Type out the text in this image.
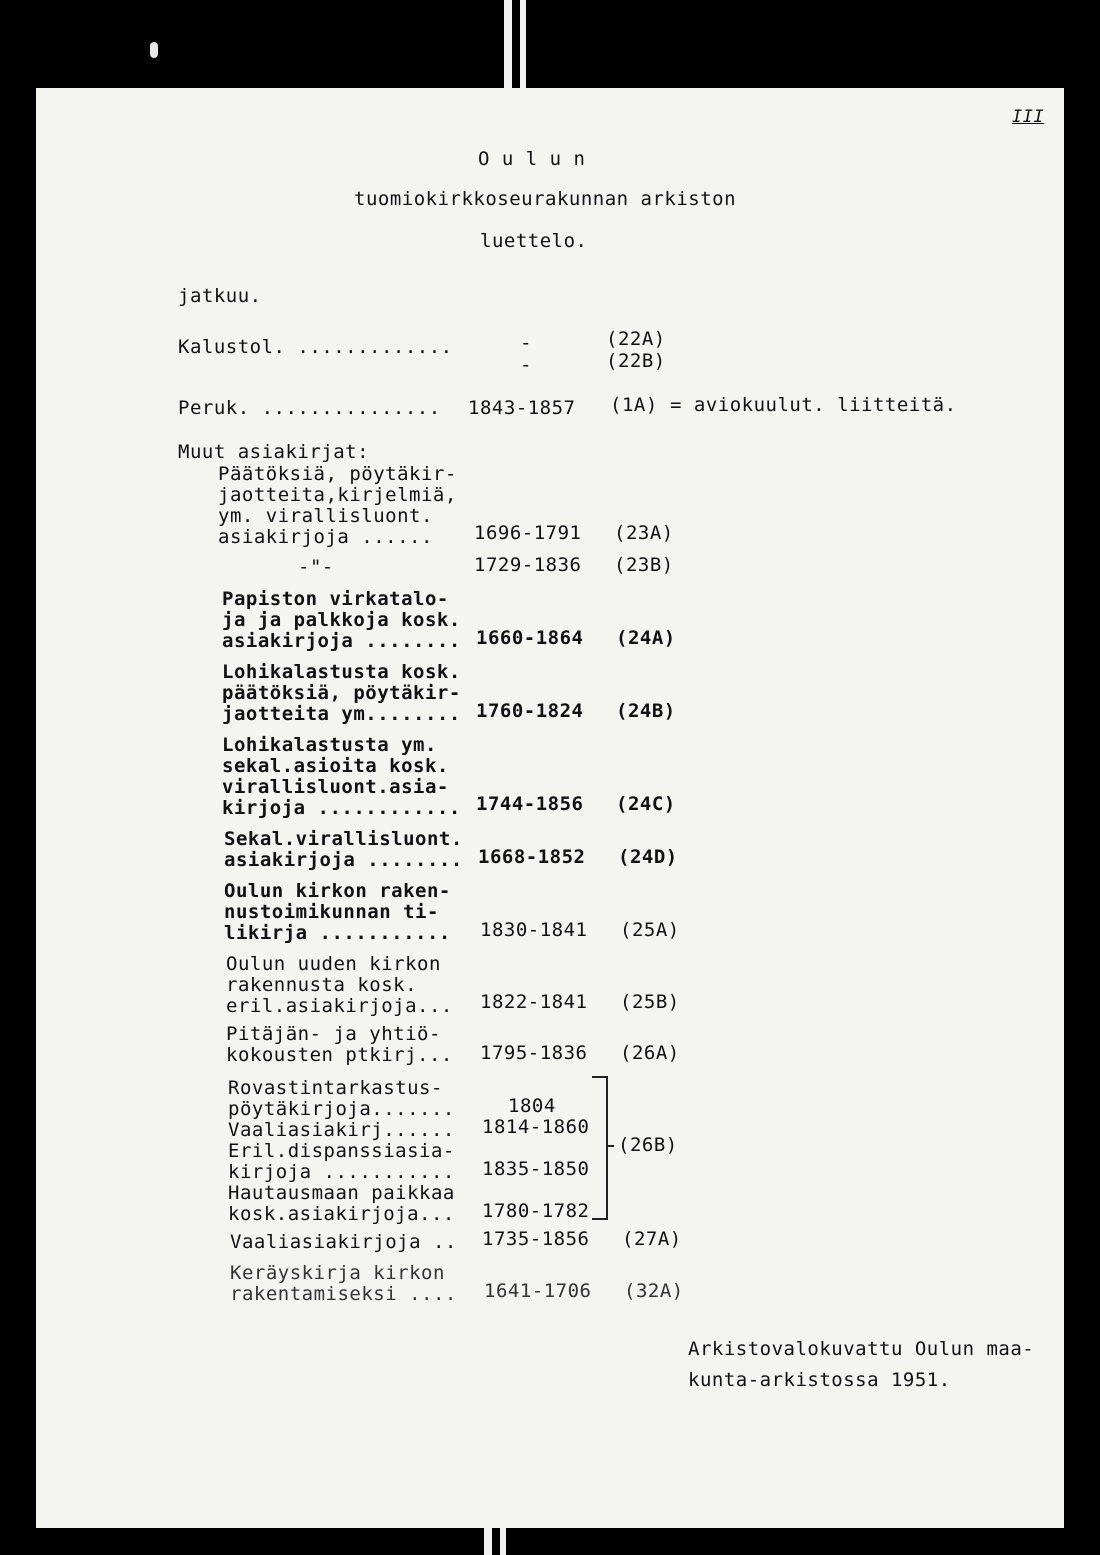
III
O u l u n
tuomiokirkkoseurakunnan arkiston
luettelo.
jatkuu.
Kalustol. .............	-
-
(22A)
(22B)
Peruk. ............... 1843-1857 (1A) = aviokuulut. liitteitä.
Muut asiakirjat:
Päätöksiä, pöytäkir-
jaotteita,kirjelmiä,
ym. virallisluont.
asiakirjoja ...... 1696-1791 (23A)
-"-	1729-1836 (23B)
Papiston virkatalo-
ja ja palkkoja kosk.
asiakirjoja ........ 1660-1864 (24A)
Lohikalastusta kosk.
päätöksiä, pöytäkir-
jaotteita ym........ 1760-1824 (24B)
Lohikalastusta ym.
sekal.asioita kosk.
virallisluont.asia-
kirjoja ............ 1744-1856 (24C)
Sekal.virallisluont.
asiakirjoja ........ 1668-1852 (24D)
Oulun kirkon raken-
nustoimikunnan ti-
likirja ........... 1830-1841 (25A)
Oulun uuden kirkon
rakennusta kosk.
eril.asiakirjoja... 1822-1841 (25B)
Pitäjän- ja yhtiö-
kokousten ptkirj... 1795-1836 (26A)
Rovastintarkastus-
pöytäkirjoja.......
Vaaliasiakirj......
Eril.dispanssiasia-
kirjoja ...........
Hautausmaan paikkaa
kosk.asiakirjoja...
1804
1814-1860
1835-1850
1780-1782
(26B)
Vaaliasiakirjoja .. 1735-1856 (27A)
Keräyskirja kirkon
rakentamiseksi .... 1641-1706 (32A)
Arkistovalokuvattu Oulun maa-
kunta-arkistossa 1951.
